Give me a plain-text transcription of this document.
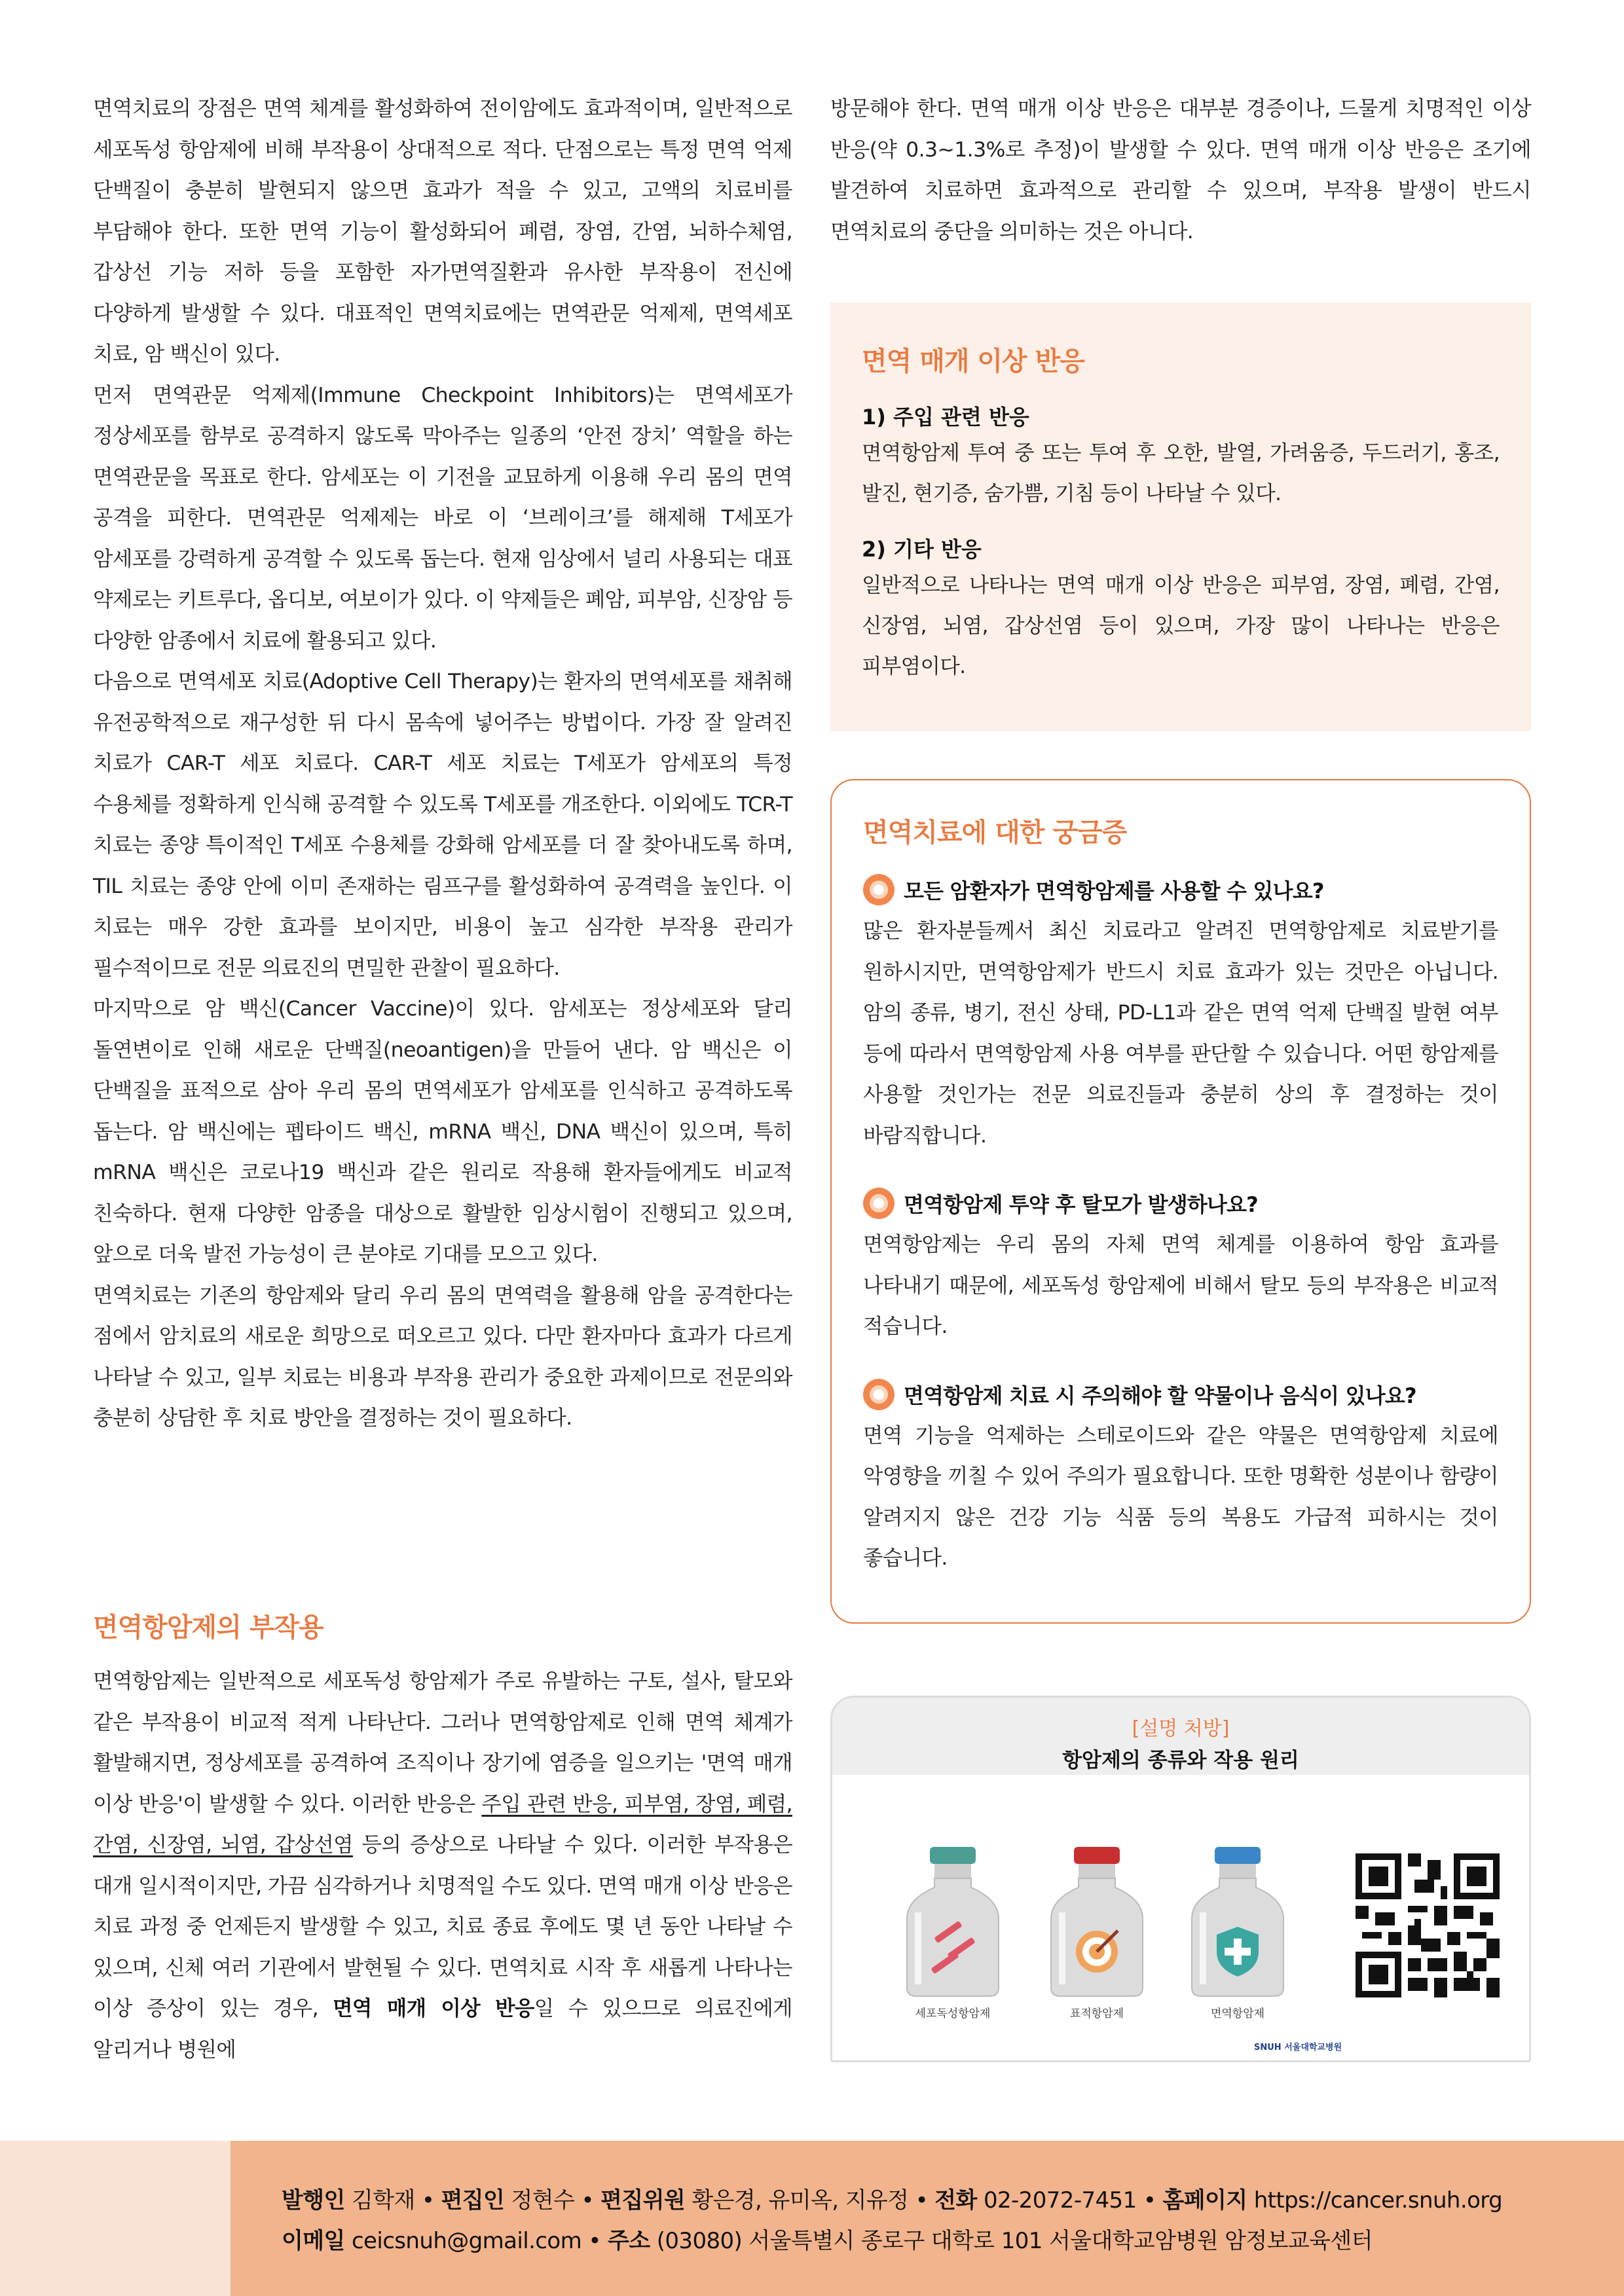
면역치료의 장점은 면역 체계를 활성화하여 전이암에도 효과적이며, 일반적으로 세포독성 항암제에 비해 부작용이 상대적으로 적다. 단점으로는 특정 면역 억제 단백질이 충분히 발현되지 않으면 효과가 적을 수 있고, 고액의 치료비를 부담해야 한다. 또한 면역 기능이 활성화되어 폐렴, 장염, 간염, 뇌하수체염, 갑상선 기능 저하 등을 포함한 자가면역질환과 유사한 부작용이 전신에 다양하게 발생할 수 있다. 대표적인 면역치료에는 면역관문 억제제, 면역세포 치료, 암 백신이 있다.

먼저 면역관문 억제제(Immune Checkpoint Inhibitors)는 면역세포가 정상세포를 함부로 공격하지 않도록 막아주는 일종의 ‘안전 장치’ 역할을 하는 면역관문을 목표로 한다. 암세포는 이 기전을 교묘하게 이용해 우리 몸의 면역 공격을 피한다. 면역관문 억제제는 바로 이 ‘브레이크’를 해제해 T세포가 암세포를 강력하게 공격할 수 있도록 돕는다. 현재 임상에서 널리 사용되는 대표 약제로는 키트루다, 옵디보, 여보이가 있다. 이 약제들은 폐암, 피부암, 신장암 등 다양한 암종에서 치료에 활용되고 있다.

다음으로 면역세포 치료(Adoptive Cell Therapy)는 환자의 면역세포를 채취해 유전공학적으로 재구성한 뒤 다시 몸속에 넣어주는 방법이다. 가장 잘 알려진 치료가 CAR-T 세포 치료다. CAR-T 세포 치료는 T세포가 암세포의 특정 수용체를 정확하게 인식해 공격할 수 있도록 T세포를 개조한다. 이외에도 TCR-T 치료는 종양 특이적인 T세포 수용체를 강화해 암세포를 더 잘 찾아내도록 하며, TIL 치료는 종양 안에 이미 존재하는 림프구를 활성화하여 공격력을 높인다. 이 치료는 매우 강한 효과를 보이지만, 비용이 높고 심각한 부작용 관리가 필수적이므로 전문 의료진의 면밀한 관찰이 필요하다.

마지막으로 암 백신(Cancer Vaccine)이 있다. 암세포는 정상세포와 달리 돌연변이로 인해 새로운 단백질(neoantigen)을 만들어 낸다. 암 백신은 이 단백질을 표적으로 삼아 우리 몸의 면역세포가 암세포를 인식하고 공격하도록 돕는다. 암 백신에는 펩타이드 백신, mRNA 백신, DNA 백신이 있으며, 특히 mRNA 백신은 코로나19 백신과 같은 원리로 작용해 환자들에게도 비교적 친숙하다. 현재 다양한 암종을 대상으로 활발한 임상시험이 진행되고 있으며, 앞으로 더욱 발전 가능성이 큰 분야로 기대를 모으고 있다.

면역치료는 기존의 항암제와 달리 우리 몸의 면역력을 활용해 암을 공격한다는 점에서 암치료의 새로운 희망으로 떠오르고 있다. 다만 환자마다 효과가 다르게 나타날 수 있고, 일부 치료는 비용과 부작용 관리가 중요한 과제이므로 전문의와 충분히 상담한 후 치료 방안을 결정하는 것이 필요하다.

면역항암제의 부작용

면역항암제는 일반적으로 세포독성 항암제가 주로 유발하는 구토, 설사, 탈모와 같은 부작용이 비교적 적게 나타난다. 그러나 면역항암제로 인해 면역 체계가 활발해지면, 정상세포를 공격하여 조직이나 장기에 염증을 일으키는 '면역 매개 이상 반응'이 발생할 수 있다. 이러한 반응은 주입 관련 반응, 피부염, 장염, 폐렴, 간염, 신장염, 뇌염, 갑상선염 등의 증상으로 나타날 수 있다. 이러한 부작용은 대개 일시적이지만, 가끔 심각하거나 치명적일 수도 있다. 면역 매개 이상 반응은 치료 과정 중 언제든지 발생할 수 있고, 치료 종료 후에도 몇 년 동안 나타날 수 있으며, 신체 여러 기관에서 발현될 수 있다. 면역치료 시작 후 새롭게 나타나는 이상 증상이 있는 경우, 면역 매개 이상 반응일 수 있으므로 의료진에게 알리거나 병원에

방문해야 한다. 면역 매개 이상 반응은 대부분 경증이나, 드물게 치명적인 이상 반응(약 0.3~1.3%로 추정)이 발생할 수 있다. 면역 매개 이상 반응은 조기에 발견하여 치료하면 효과적으로 관리할 수 있으며, 부작용 발생이 반드시 면역치료의 중단을 의미하는 것은 아니다.

면역 매개 이상 반응
1) 주입 관련 반응
면역항암제 투여 중 또는 투여 후 오한, 발열, 가려움증, 두드러기, 홍조, 발진, 현기증, 숨가쁨, 기침 등이 나타날 수 있다.
2) 기타 반응
일반적으로 나타나는 면역 매개 이상 반응은 피부염, 장염, 폐렴, 간염, 신장염, 뇌염, 갑상선염 등이 있으며, 가장 많이 나타나는 반응은 피부염이다.
면역치료에 대한 궁금증
모든 암환자가 면역항암제를 사용할 수 있나요?
많은 환자분들께서 최신 치료라고 알려진 면역항암제로 치료받기를 원하시지만, 면역항암제가 반드시 치료 효과가 있는 것만은 아닙니다. 암의 종류, 병기, 전신 상태, PD-L1과 같은 면역 억제 단백질 발현 여부 등에 따라서 면역항암제 사용 여부를 판단할 수 있습니다. 어떤 항암제를 사용할 것인가는 전문 의료진들과 충분히 상의 후 결정하는 것이 바람직합니다.
면역항암제 투약 후 탈모가 발생하나요?
면역항암제는 우리 몸의 자체 면역 체계를 이용하여 항암 효과를 나타내기 때문에, 세포독성 항암제에 비해서 탈모 등의 부작용은 비교적 적습니다.
면역항암제 치료 시 주의해야 할 약물이나 음식이 있나요?
면역 기능을 억제하는 스테로이드와 같은 약물은 면역항암제 치료에 악영향을 끼칠 수 있어 주의가 필요합니다. 또한 명확한 성분이나 함량이 알려지지 않은 건강 기능 식품 등의 복용도 가급적 피하시는 것이 좋습니다.
[설명 처방]
항암제의 종류와 작용 원리
세포독성항암제	표적항암제	면역항암제
SNUH 서울대학교병원
발행인 김학재 • 편집인 정현수 • 편집위원 황은경, 유미옥, 지유정 • 전화 02-2072-7451 • 홈페이지 https://cancer.snuh.org
이메일 ceicsnuh@gmail.com • 주소 (03080) 서울특별시 종로구 대학로 101 서울대학교암병원 암정보교육센터
